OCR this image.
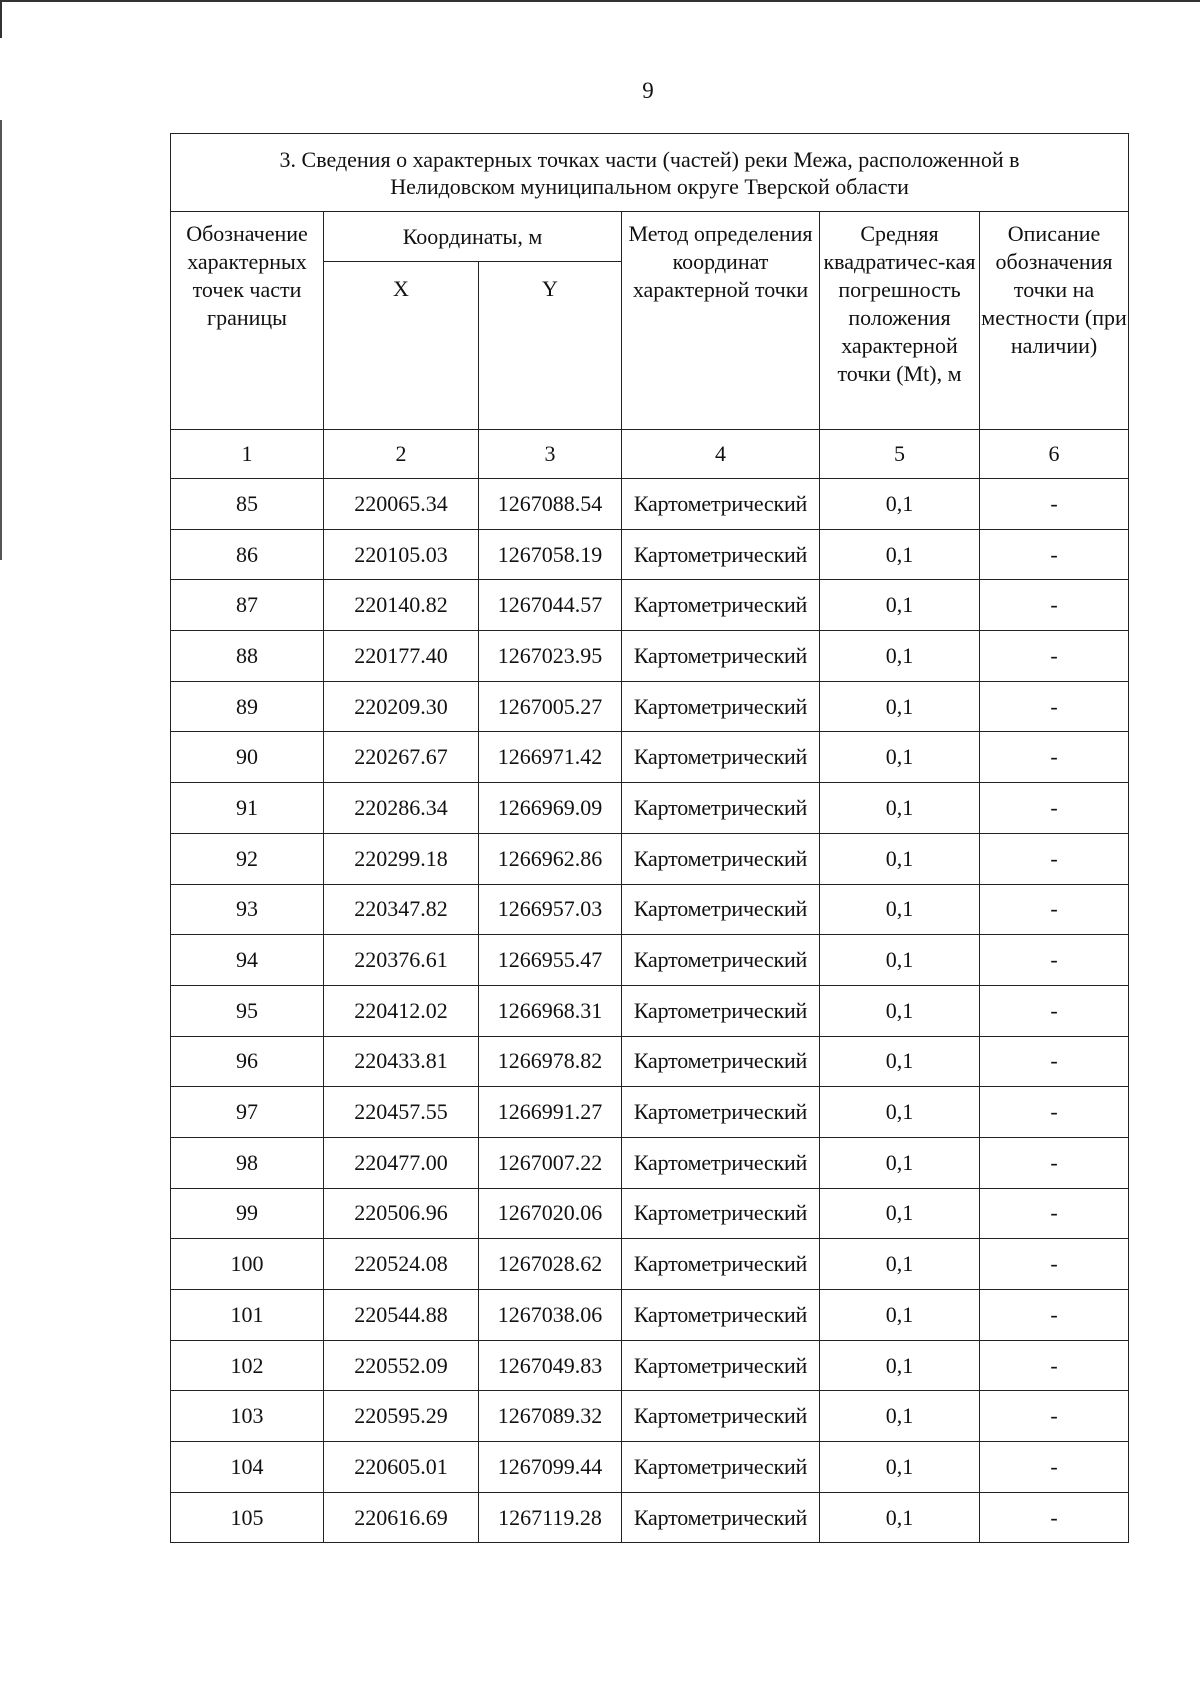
9
3. Сведения о характерных точках части (частей) реки Межа, расположенной в
Нелидовском муниципальном округе Тверской области					

Обозначение характерных точек части границы	Координаты, м		Метод определения координат характерной точки	Средняя квадратичес-кая погрешность положения характерной точки (Mt), м	Описание обозначения точки на местности (при наличии)
	X	Y			
1	2	3	4	5	6
85	220065.34	1267088.54	Картометрический	0,1	-
86	220105.03	1267058.19	Картометрический	0,1	-
87	220140.82	1267044.57	Картометрический	0,1	-
88	220177.40	1267023.95	Картометрический	0,1	-
89	220209.30	1267005.27	Картометрический	0,1	-
90	220267.67	1266971.42	Картометрический	0,1	-
91	220286.34	1266969.09	Картометрический	0,1	-
92	220299.18	1266962.86	Картометрический	0,1	-
93	220347.82	1266957.03	Картометрический	0,1	-
94	220376.61	1266955.47	Картометрический	0,1	-
95	220412.02	1266968.31	Картометрический	0,1	-
96	220433.81	1266978.82	Картометрический	0,1	-
97	220457.55	1266991.27	Картометрический	0,1	-
98	220477.00	1267007.22	Картометрический	0,1	-
99	220506.96	1267020.06	Картометрический	0,1	-
100	220524.08	1267028.62	Картометрический	0,1	-
101	220544.88	1267038.06	Картометрический	0,1	-
102	220552.09	1267049.83	Картометрический	0,1	-
103	220595.29	1267089.32	Картометрический	0,1	-
104	220605.01	1267099.44	Картометрический	0,1	-
105	220616.69	1267119.28	Картометрический	0,1	-
